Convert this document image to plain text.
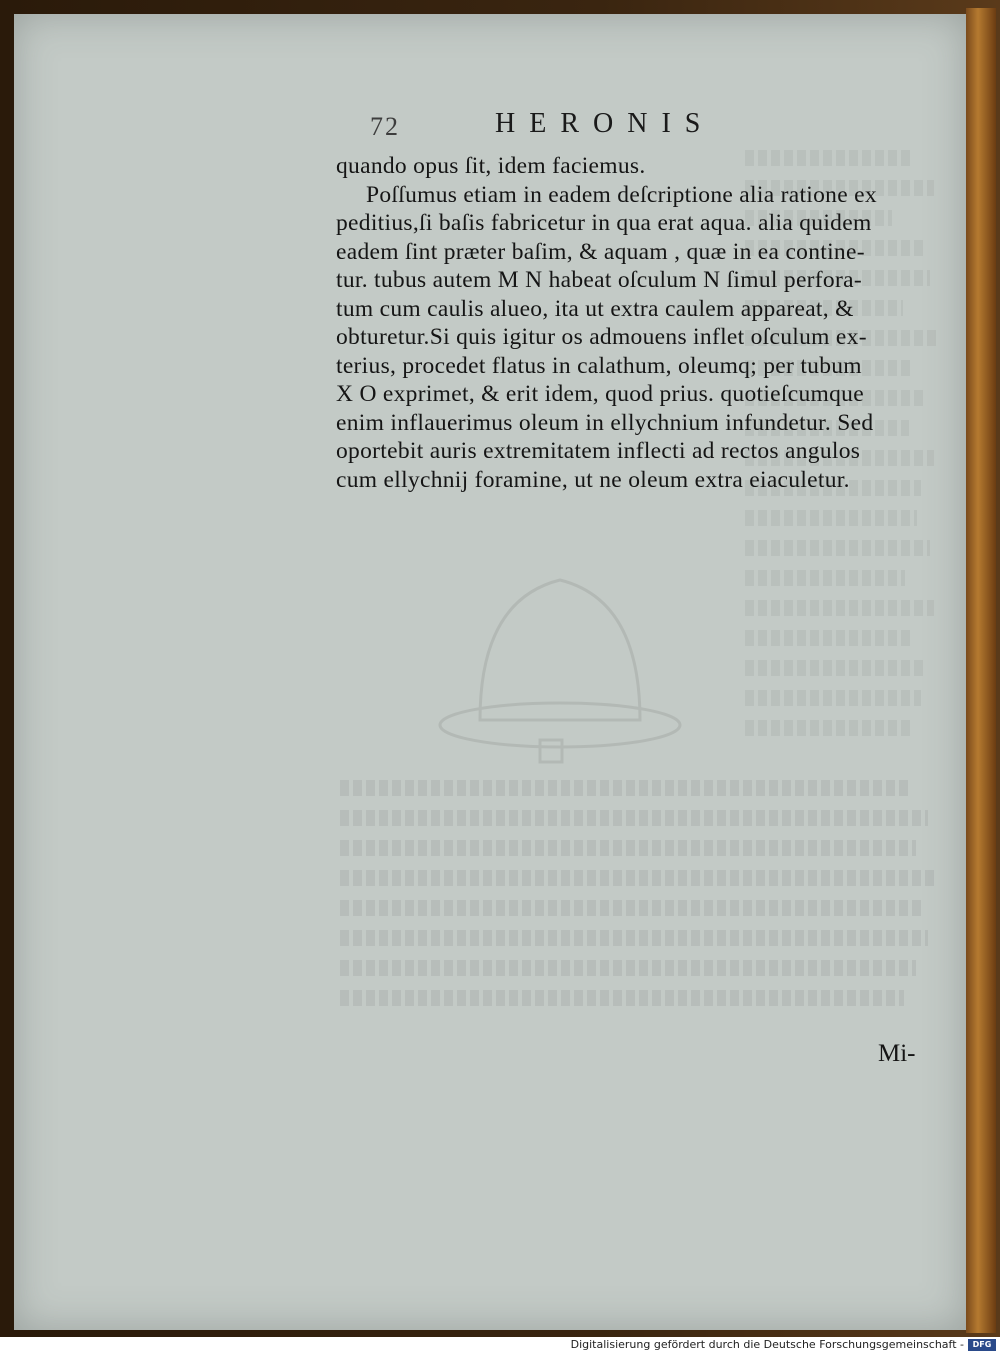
72	HERONIS
quando opus ſit, idem faciemus.
Poſſumus etiam in eadem deſcriptione alia ratione ex
peditius,ſi baſis fabricetur in qua erat aqua. alia quidem
eadem ſint præter baſim, & aquam , quæ in ea contine-
tur. tubus autem M N habeat oſculum N ſimul perfora-
tum cum caulis alueo, ita ut extra caulem appareat, &
obturetur.Si quis igitur os admouens inflet oſculum ex-
terius, procedet flatus in calathum, oleumq; per tubum
X O exprimet, & erit idem, quod prius. quotieſcumque
enim inflauerimus oleum in ellychnium infundetur. Sed
oportebit auris extremitatem inflecti ad rectos angulos
cum ellychnij foramine, ut ne oleum extra eiaculetur.
Mi-
Digitalisierung gefördert durch die Deutsche Forschungsgemeinschaft -	DFG
